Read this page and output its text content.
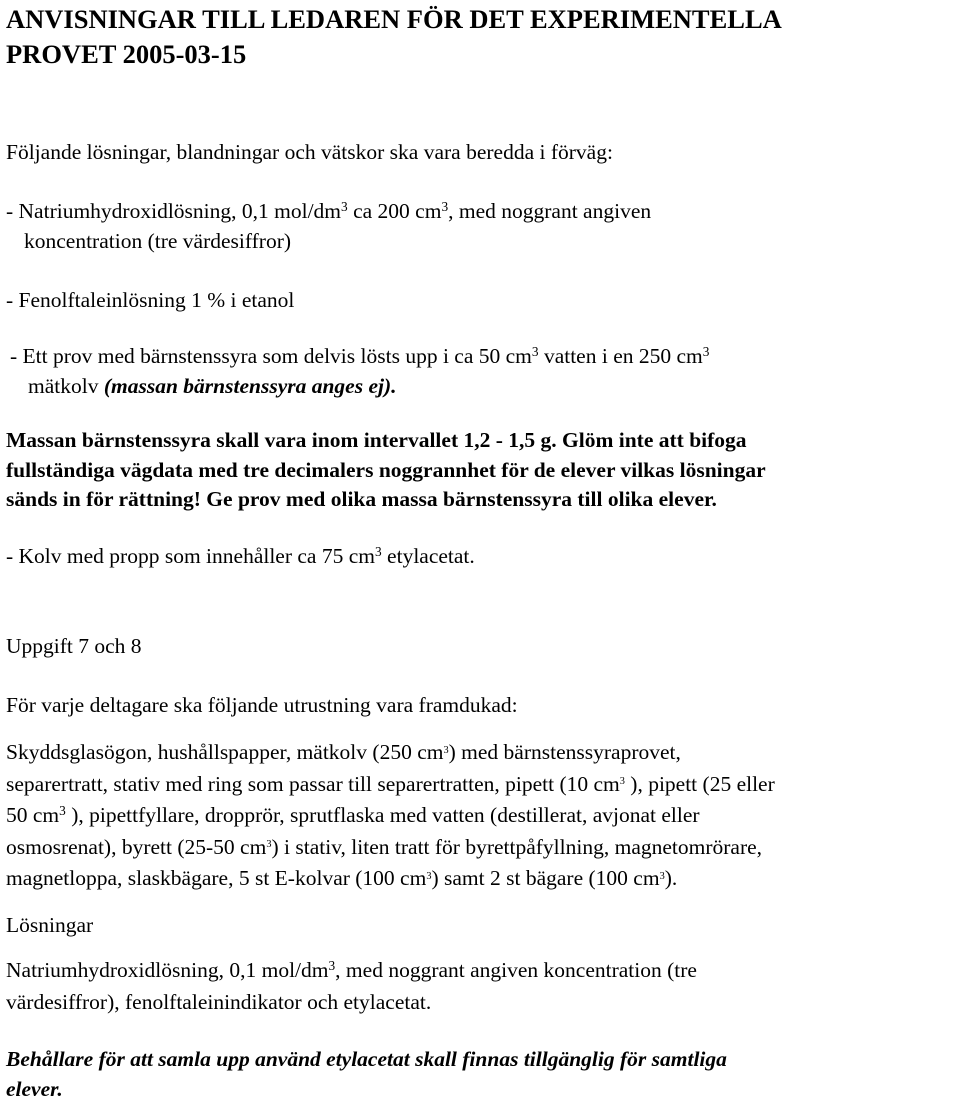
ANVISNINGAR TILL LEDAREN FÖR DET EXPERIMENTELLA
PROVET 2005-03-15
Följande lösningar, blandningar och vätskor ska vara beredda i förväg:
- Natriumhydroxidlösning, 0,1 mol/$dm^3$ ca 200 $cm^3$, med noggrant angiven
koncentration (tre värdesiffror)
- Fenolftaleinlösning 1 % i etanol
- Ett prov med bärnstenssyra som delvis lösts upp i ca 50 $cm^3$ vatten i en 250 $cm^3$
mätkolv (massan bärnstenssyra anges ej).
Massan bärnstenssyra skall vara inom intervallet 1,2 - 1,5 g. Glöm inte att bifoga
fullständiga vägdata med tre decimalers noggrannhet för de elever vilkas lösningar
sänds in för rättning! Ge prov med olika massa bärnstenssyra till olika elever.
- Kolv med propp som innehåller ca 75 $cm^3$ etylacetat.
Uppgift 7 och 8
För varje deltagare ska följande utrustning vara framdukad:
Skyddsglasögon, hushållspapper, mätkolv (250 $cm^3$) med bärnstenssyraprovet,
separertratt, stativ med ring som passar till separertratten, pipett (10 $cm^3$ ), pipett (25 eller
50 $cm^3$ ), pipettfyllare, dropprör, sprutflaska med vatten (destillerat, avjonat eller
osmosrenat), byrett (25-50 $cm^3$) i stativ, liten tratt för byrettpåfyllning, magnetomrörare,
magnetloppa, slaskbägare, 5 st E-kolvar (100 $cm^3$) samt 2 st bägare (100 $cm^3$).
Lösningar
Natriumhydroxidlösning, 0,1 mol/$dm^3$, med noggrant angiven koncentration (tre
värdesiffror), fenolftaleinindikator och etylacetat.
Behållare för att samla upp använd etylacetat skall finnas tillgänglig för samtliga
elever.
